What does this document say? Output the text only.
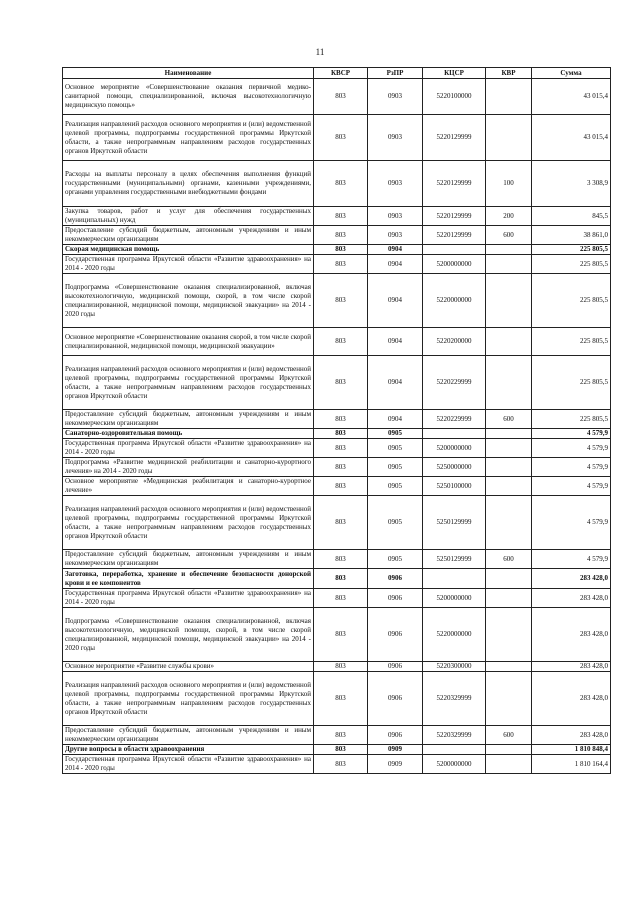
11
Наименование	КВСР	РзПР	КЦСР	КВР	Сумма
Основное мероприятие «Совершенствование оказания первичной медико-санитарной помощи, специализированной, включая высокотехнологичную медицинскую помощь»	803	0903	5220100000		43 015,4
Реализация направлений расходов основного мероприятия и (или) ведомственной целевой программы, подпрограммы государственной программы Иркутской области, а также непрограммным направлениям расходов государственных органов Иркутской области	803	0903	5220129999		43 015,4
Расходы на выплаты персоналу в целях обеспечения выполнения функций государственными (муниципальными) органами, казенными учреждениями, органами управления государственными внебюджетными фондами	803	0903	5220129999	100	3 308,9
Закупка товаров, работ и услуг для обеспечения государственных (муниципальных) нужд	803	0903	5220129999	200	845,5
Предоставление субсидий бюджетным, автономным учреждениям и иным некоммерческим организациям	803	0903	5220129999	600	38 861,0
Скорая медицинская помощь	803	0904			225 805,5
Государственная программа Иркутской области «Развитие здравоохранения» на 2014 - 2020 годы	803	0904	5200000000		225 805,5
Подпрограмма «Совершенствование оказания специализированной, включая высокотехнологичную, медицинской помощи, скорой, в том числе скорой специализированной, медицинской помощи, медицинской эвакуации» на 2014 - 2020 годы	803	0904	5220000000		225 805,5
Основное мероприятие «Совершенствование оказания скорой, в том числе скорой специализированной, медицинской помощи, медицинской эвакуации»	803	0904	5220200000		225 805,5
Реализация направлений расходов основного мероприятия и (или) ведомственной целевой программы, подпрограммы государственной программы Иркутской области, а также непрограммным направлениям расходов государственных органов Иркутской области	803	0904	5220229999		225 805,5
Предоставление субсидий бюджетным, автономным учреждениям и иным некоммерческим организациям	803	0904	5220229999	600	225 805,5
Санаторно-оздоровительная помощь	803	0905			4 579,9
Государственная программа Иркутской области «Развитие здравоохранения» на 2014 - 2020 годы	803	0905	5200000000		4 579,9
Подпрограмма «Развитие медицинской реабилитации и санаторно-курортного лечения» на 2014 - 2020 годы	803	0905	5250000000		4 579,9
Основное мероприятие «Медицинская реабилитация и санаторно-курортное лечение»	803	0905	5250100000		4 579,9
Реализация направлений расходов основного мероприятия и (или) ведомственной целевой программы, подпрограммы государственной программы Иркутской области, а также непрограммным направлениям расходов государственных органов Иркутской области	803	0905	5250129999		4 579,9
Предоставление субсидий бюджетным, автономным учреждениям и иным некоммерческим организациям	803	0905	5250129999	600	4 579,9
Заготовка, переработка, хранение и обеспечение безопасности донорской крови и ее компонентов	803	0906			283 428,0
Государственная программа Иркутской области «Развитие здравоохранения» на 2014 - 2020 годы	803	0906	5200000000		283 428,0
Подпрограмма «Совершенствование оказания специализированной, включая высокотехнологичную, медицинской помощи, скорой, в том числе скорой специализированной, медицинской помощи, медицинской эвакуации» на 2014 - 2020 годы	803	0906	5220000000		283 428,0
Основное мероприятие «Развитие службы крови»	803	0906	5220300000		283 428,0
Реализация направлений расходов основного мероприятия и (или) ведомственной целевой программы, подпрограммы государственной программы Иркутской области, а также непрограммным направлениям расходов государственных органов Иркутской области	803	0906	5220329999		283 428,0
Предоставление субсидий бюджетным, автономным учреждениям и иным некоммерческим организациям	803	0906	5220329999	600	283 428,0
Другие вопросы в области здравоохранения	803	0909			1 810 848,4
Государственная программа Иркутской области «Развитие здравоохранения» на 2014 - 2020 годы	803	0909	5200000000		1 810 164,4
